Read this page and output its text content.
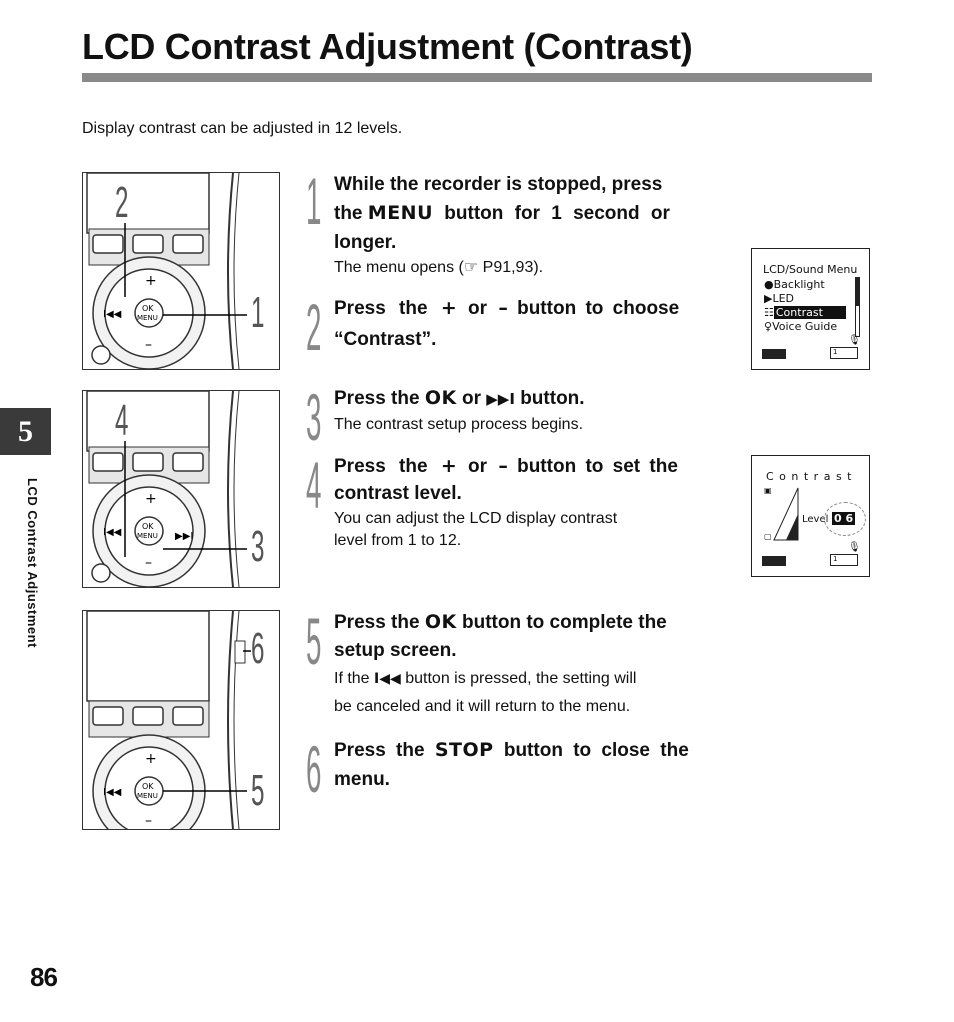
LCD Contrast Adjustment (Contrast)
Display contrast can be adjusted in 12 levels.
5
LCD Contrast Adjustment
86
+
–
I◀◀
OK
MENU
2
1
+
–
I◀◀	▶▶I
OK
MENU
4
3
+
–
I◀◀
OK
MENU
6
5
1 While the recorder is stopped, press
the MENU button for 1 second or
longer.
The menu opens (☞ P91,93).
2 Press the + or – button to choose
“Contrast”.
LCD/Sound Menu
●Backlight
▶LED
☷ Contrast
♀Voice Guide
🎙
1
3 Press the OK or ▶▶I button.
The contrast setup process begins.
4 Press the + or – button to set the
contrast level.
You can adjust the LCD display contrast
level from 1 to 12.
C o n t r a s t
▣
▢
Level 0 6
🎙
1
5 Press the OK button to complete the
setup screen.
If the I◀◀ button is pressed, the setting will
be canceled and it will return to the menu.
6 Press the STOP button to close the
menu.
